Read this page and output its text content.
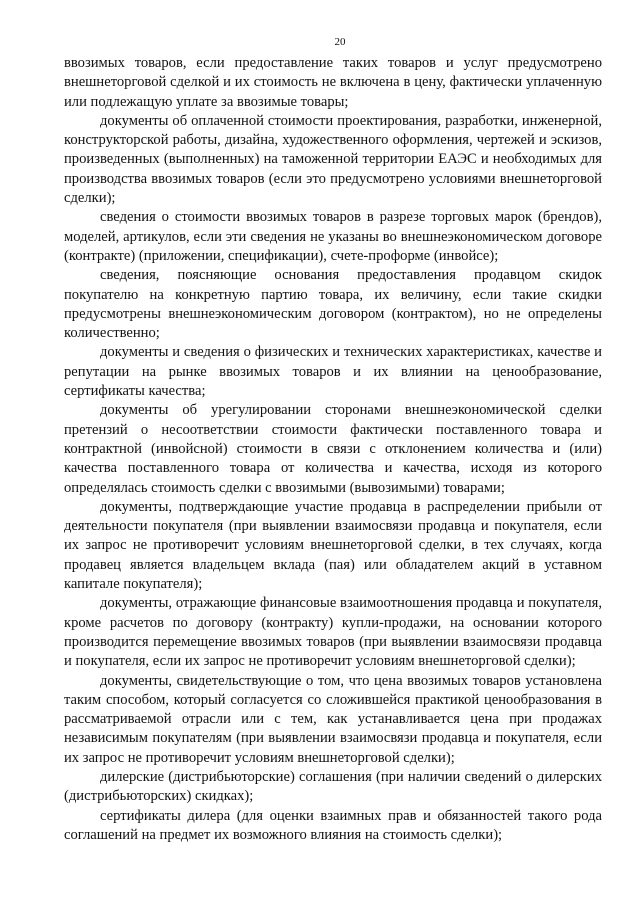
20

ввозимых товаров, если предоставление таких товаров и услуг предусмотрено внешнеторговой сделкой и их стоимость не включена в цену, фактически уплаченную или подлежащую уплате за ввозимые товары;

документы об оплаченной стоимости проектирования, разработки, инженерной, конструкторской работы, дизайна, художественного оформления, чертежей и эскизов, произведенных (выполненных) на таможенной территории ЕАЭС и необходимых для производства ввозимых товаров (если это предусмотрено условиями внешнеторговой сделки);

сведения о стоимости ввозимых товаров в разрезе торговых марок (брендов), моделей, артикулов, если эти сведения не указаны во внешнеэкономическом договоре (контракте) (приложении, спецификации), счете-проформе (инвойсе);

сведения, поясняющие основания предоставления продавцом скидок покупателю на конкретную партию товара, их величину, если такие скидки предусмотрены внешнеэкономическим договором (контрактом), но не определены количественно;

документы и сведения о физических и технических характеристиках, качестве и репутации на рынке ввозимых товаров и их влиянии на ценообразование, сертификаты качества;

документы об урегулировании сторонами внешнеэкономической сделки претензий о несоответствии стоимости фактически поставленного товара и контрактной (инвойсной) стоимости в связи с отклонением количества и (или) качества поставленного товара от количества и качества, исходя из которого определялась стоимость сделки с ввозимыми (вывозимыми) товарами;

документы, подтверждающие участие продавца в распределении прибыли от деятельности покупателя (при выявлении взаимосвязи продавца и покупателя, если их запрос не противоречит условиям внешнеторговой сделки, в тех случаях, когда продавец является владельцем вклада (пая) или обладателем акций в уставном капитале покупателя);

документы, отражающие финансовые взаимоотношения продавца и покупателя, кроме расчетов по договору (контракту) купли-продажи, на основании которого производится перемещение ввозимых товаров (при выявлении взаимосвязи продавца и покупателя, если их запрос не противоречит условиям внешнеторговой сделки);

документы, свидетельствующие о том, что цена ввозимых товаров установлена таким способом, который согласуется со сложившейся практикой ценообразования в рассматриваемой отрасли или с тем, как устанавливается цена при продажах независимым покупателям (при выявлении взаимосвязи продавца и покупателя, если их запрос не противоречит условиям внешнеторговой сделки);

дилерские (дистрибьюторские) соглашения (при наличии сведений о дилерских (дистрибьюторских) скидках);

сертификаты дилера (для оценки взаимных прав и обязанностей такого рода соглашений на предмет их возможного влияния на стоимость сделки);
